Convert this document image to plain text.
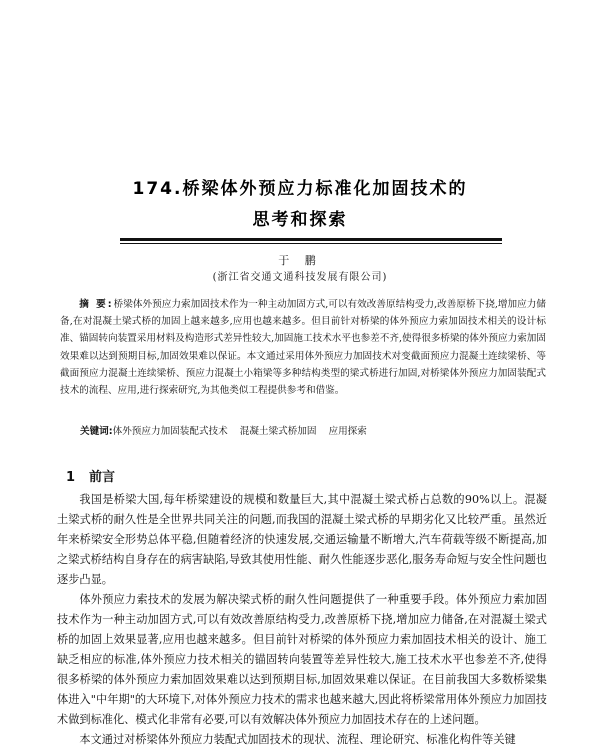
174.桥梁体外预应力标准化加固技术的
思考和探索
于 鹏
(浙江省交通文通科技发展有限公司)
摘 要:桥梁体外预应力索加固技术作为一种主动加固方式,可以有效改善原结构受力,改善原桥下挠,增加应力储备,在对混凝土梁式桥的加固上越来越多,应用也越来越多。但目前针对桥梁的体外预应力索加固技术相关的设计标准、锚固转向装置采用材料及构造形式差异性较大,加固施工技术水平也参差不齐,使得很多桥梁的体外预应力索加固效果难以达到预期目标,加固效果难以保证。本文通过采用体外预应力加固技术对变截面预应力混凝土连续梁桥、等截面预应力混凝土连续梁桥、预应力混凝土小箱梁等多种结构类型的梁式桥进行加固,对桥梁体外预应力加固装配式技术的流程、应用,进行探索研究,为其他类似工程提供参考和借鉴。
关键词:体外预应力加固装配式技术 混凝土梁式桥加固 应用探索
1 前言

我国是桥梁大国,每年桥梁建设的规模和数量巨大,其中混凝土梁式桥占总数的90%以上。混凝土梁式桥的耐久性是全世界共同关注的问题,而我国的混凝土梁式桥的早期劣化又比较严重。虽然近年来桥梁安全形势总体平稳,但随着经济的快速发展,交通运输量不断增大,汽车荷载等级不断提高,加之梁式桥结构自身存在的病害缺陷,导致其使用性能、耐久性能逐步恶化,服务寿命短与安全性问题也逐步凸显。

体外预应力索技术的发展为解决梁式桥的耐久性问题提供了一种重要手段。体外预应力索加固技术作为一种主动加固方式,可以有效改善原结构受力,改善原桥下挠,增加应力储备,在对混凝土梁式桥的加固上效果显著,应用也越来越多。但目前针对桥梁的体外预应力索加固技术相关的设计、施工缺乏相应的标准,体外预应力技术相关的锚固转向装置等差异性较大,施工技术水平也参差不齐,使得很多桥梁的体外预应力索加固效果难以达到预期目标,加固效果难以保证。在目前我国大多数桥梁集体进入"中年期"的大环境下,对体外预应力技术的需求也越来越大,因此将桥梁常用体外预应力加固技术做到标准化、模式化非常有必要,可以有效解决体外预应力加固技术存在的上述问题。

本文通过对桥梁体外预应力装配式加固技术的现状、流程、理论研究、标准化构件等关键
